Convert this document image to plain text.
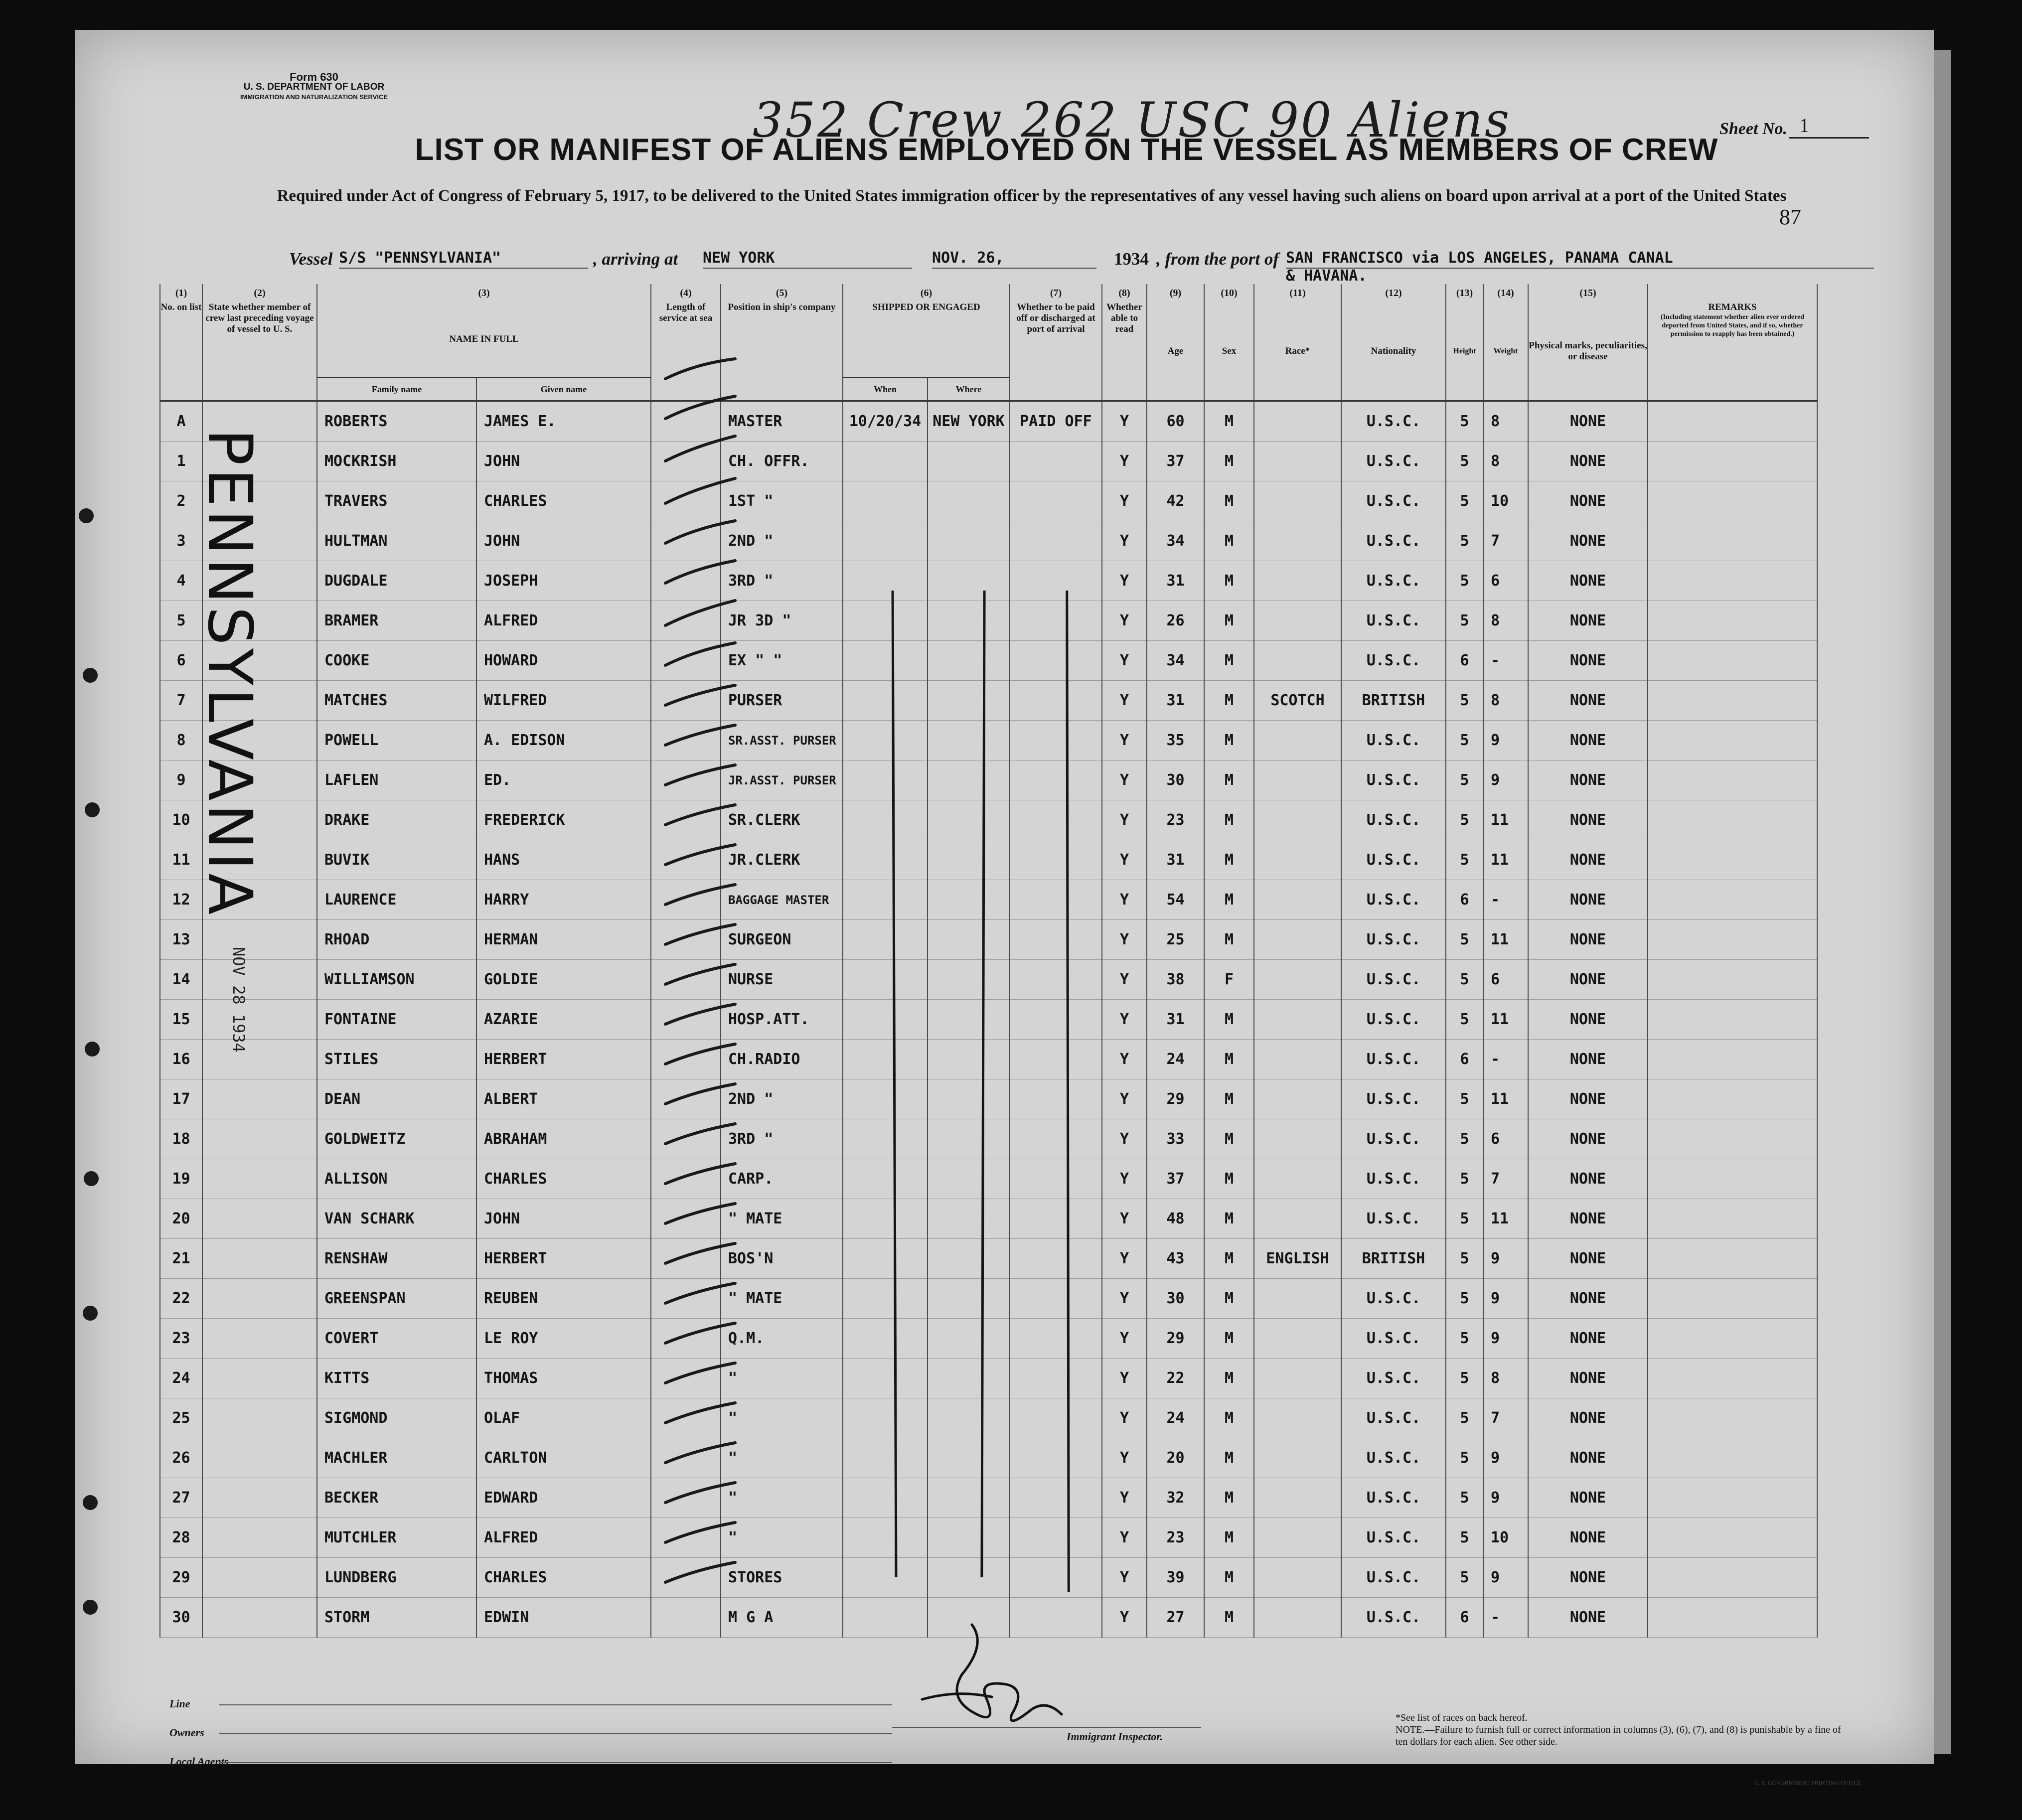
Form 630
U. S. DEPARTMENT OF LABOR
IMMIGRATION AND NATURALIZATION SERVICE	352 Crew 262 USC 90 Aliens	Sheet No. 1
LIST OR MANIFEST OF ALIENS EMPLOYED ON THE VESSEL AS MEMBERS OF CREW
Required under Act of Congress of February 5, 1917, to be delivered to the United States immigration officer by the representatives of any vessel having such aliens on board upon arrival at a port of the United States
87
Vessel S/S "PENNSYLVANIA"	, arriving at NEW YORK	NOV. 26,	1934 , from the port of SAN FRANCISCO via LOS ANGELES, PANAMA CANAL
& HAVANA.
(1)	(2)	(3)		(4)	(5)	(6)		(7)	(8)	(9)	(10)	(11)	(12)	(13)	(14)	(15)	
No. on list	State whether member of crew last preceding voyage of vessel to U. S.	NAME IN FULL		Length of service at sea	Position in ship's company	SHIPPED OR ENGAGED		Whether to be paid off or discharged at port of arrival	Whether able to read	Age	Sex	Race*	Nationality	Height	Weight	Physical marks, peculiarities, or disease	REMARKS
(Including statement whether alien ever ordered deported from United States, and if so, whether permission to reapply has been obtained.)

		Family name	Given name			When	Where										
A		ROBERTS	JAMES E.		MASTER	10/20/34	NEW YORK	PAID OFF	Y	60	M		U.S.C.	5	8	NONE	
1		MOCKRISH	JOHN		CH. OFFR.				Y	37	M		U.S.C.	5	8	NONE	
2		TRAVERS	CHARLES		1ST "				Y	42	M		U.S.C.	5	10	NONE	
3		HULTMAN	JOHN		2ND "				Y	34	M		U.S.C.	5	7	NONE	
4		DUGDALE	JOSEPH		3RD "				Y	31	M		U.S.C.	5	6	NONE	
5		BRAMER	ALFRED		JR 3D "				Y	26	M		U.S.C.	5	8	NONE	
6		COOKE	HOWARD		EX " "				Y	34	M		U.S.C.	6	-	NONE	
7		MATCHES	WILFRED		PURSER				Y	31	M	SCOTCH	BRITISH	5	8	NONE	
8		POWELL	A. EDISON		SR.ASST. PURSER				Y	35	M		U.S.C.	5	9	NONE	
9		LAFLEN	ED.		JR.ASST. PURSER				Y	30	M		U.S.C.	5	9	NONE	
10		DRAKE	FREDERICK		SR.CLERK				Y	23	M		U.S.C.	5	11	NONE	
11		BUVIK	HANS		JR.CLERK				Y	31	M		U.S.C.	5	11	NONE	
12		LAURENCE	HARRY		BAGGAGE MASTER				Y	54	M		U.S.C.	6	-	NONE	
13		RHOAD	HERMAN		SURGEON				Y	25	M		U.S.C.	5	11	NONE	
14		WILLIAMSON	GOLDIE		NURSE				Y	38	F		U.S.C.	5	6	NONE	
15		FONTAINE	AZARIE		HOSP.ATT.				Y	31	M		U.S.C.	5	11	NONE	
16		STILES	HERBERT		CH.RADIO				Y	24	M		U.S.C.	6	-	NONE	
17		DEAN	ALBERT		2ND "				Y	29	M		U.S.C.	5	11	NONE	
18		GOLDWEITZ	ABRAHAM		3RD "				Y	33	M		U.S.C.	5	6	NONE	
19		ALLISON	CHARLES		CARP.				Y	37	M		U.S.C.	5	7	NONE	
20		VAN SCHARK	JOHN		" MATE				Y	48	M		U.S.C.	5	11	NONE	
21		RENSHAW	HERBERT		BOS'N				Y	43	M	ENGLISH	BRITISH	5	9	NONE	
22		GREENSPAN	REUBEN		" MATE				Y	30	M		U.S.C.	5	9	NONE	
23		COVERT	LE ROY		Q.M.				Y	29	M		U.S.C.	5	9	NONE	
24		KITTS	THOMAS		"				Y	22	M		U.S.C.	5	8	NONE	
25		SIGMOND	OLAF		"				Y	24	M		U.S.C.	5	7	NONE	
26		MACHLER	CARLTON		"				Y	20	M		U.S.C.	5	9	NONE	
27		BECKER	EDWARD		"				Y	32	M		U.S.C.	5	9	NONE	
28		MUTCHLER	ALFRED		"				Y	23	M		U.S.C.	5	10	NONE	
29		LUNDBERG	CHARLES		STORES				Y	39	M		U.S.C.	5	9	NONE	
30		STORM	EDWIN		M G A				Y	27	M		U.S.C.	6	-	NONE	
PENNSYLVANIA
NOV 28 1934
Line
Owners
Local Agents
Immigrant Inspector.
*See list of races on back hereof.
NOTE.—Failure to furnish full or correct information in columns (3), (6), (7), and (8) is punishable by a fine of ten dollars for each alien. See other side.
U. S. GOVERNMENT PRINTING OFFICE
